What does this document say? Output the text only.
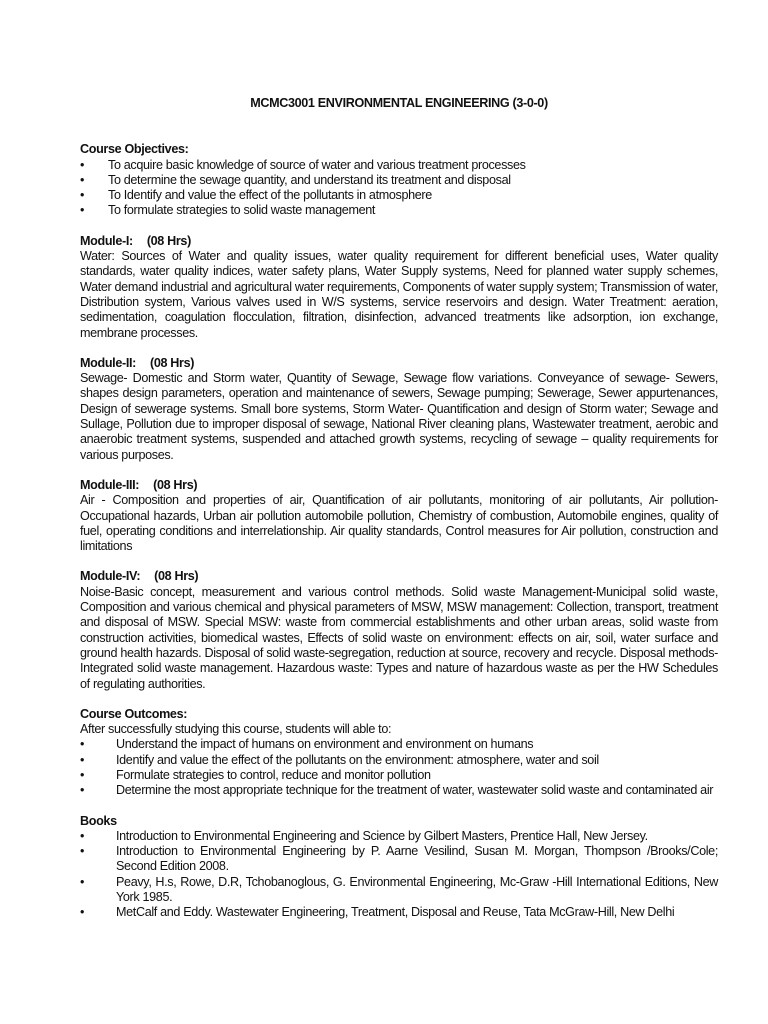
MCMC3001 ENVIRONMENTAL ENGINEERING (3-0-0)

Course Objectives:

• To acquire basic knowledge of source of water and various treatment processes
• To determine the sewage quantity, and understand its treatment and disposal
• To Identify and value the effect of the pollutants in atmosphere
• To formulate strategies to solid waste management

Module-I: (08 Hrs)

Water: Sources of Water and quality issues, water quality requirement for different beneficial uses, Water quality standards, water quality indices, water safety plans, Water Supply systems, Need for planned water supply schemes, Water demand industrial and agricultural water requirements, Components of water supply system; Transmission of water, Distribution system, Various valves used in W/S systems, service reservoirs and design. Water Treatment: aeration, sedimentation, coagulation flocculation, filtration, disinfection, advanced treatments like adsorption, ion exchange, membrane processes.

Module-II: (08 Hrs)

Sewage- Domestic and Storm water, Quantity of Sewage, Sewage flow variations. Conveyance of sewage- Sewers, shapes design parameters, operation and maintenance of sewers, Sewage pumping; Sewerage, Sewer appurtenances, Design of sewerage systems. Small bore systems, Storm Water- Quantification and design of Storm water; Sewage and Sullage, Pollution due to improper disposal of sewage, National River cleaning plans, Wastewater treatment, aerobic and anaerobic treatment systems, suspended and attached growth systems, recycling of sewage – quality requirements for various purposes.

Module-III: (08 Hrs)

Air - Composition and properties of air, Quantification of air pollutants, monitoring of air pollutants, Air pollution- Occupational hazards, Urban air pollution automobile pollution, Chemistry of combustion, Automobile engines, quality of fuel, operating conditions and interrelationship. Air quality standards, Control measures for Air pollution, construction and limitations

Module-IV: (08 Hrs)

Noise-Basic concept, measurement and various control methods. Solid waste Management-Municipal solid waste, Composition and various chemical and physical parameters of MSW, MSW management: Collection, transport, treatment and disposal of MSW. Special MSW: waste from commercial establishments and other urban areas, solid waste from construction activities, biomedical wastes, Effects of solid waste on environment: effects on air, soil, water surface and ground health hazards. Disposal of solid waste-segregation, reduction at source, recovery and recycle. Disposal methods- Integrated solid waste management. Hazardous waste: Types and nature of hazardous waste as per the HW Schedules of regulating authorities.

Course Outcomes:

After successfully studying this course, students will able to:

•	Understand the impact of humans on environment and environment on humans
•	Identify and value the effect of the pollutants on the environment: atmosphere, water and soil
•	Formulate strategies to control, reduce and monitor pollution
•	Determine the most appropriate technique for the treatment of water, wastewater solid waste and contaminated air

Books

•	Introduction to Environmental Engineering and Science by Gilbert Masters, Prentice Hall, New Jersey.
•	Introduction to Environmental Engineering by P. Aarne Vesilind, Susan M. Morgan, Thompson /Brooks/Cole; Second Edition 2008.
•	Peavy, H.s, Rowe, D.R, Tchobanoglous, G. Environmental Engineering, Mc-Graw -Hill International Editions, New York 1985.
•	MetCalf and Eddy. Wastewater Engineering, Treatment, Disposal and Reuse, Tata McGraw-Hill, New Delhi
